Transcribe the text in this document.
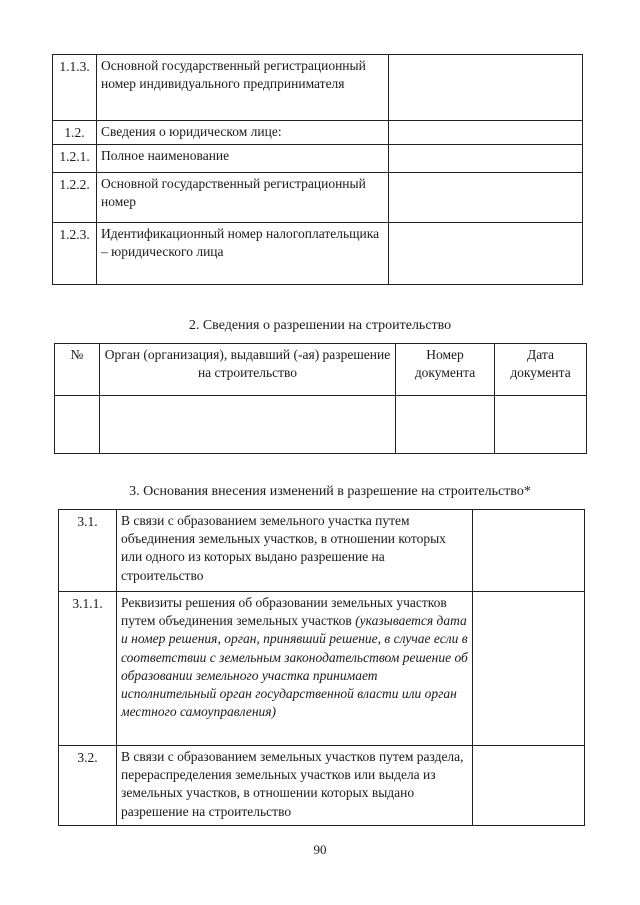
1.1.3.	Основной государственный регистрационный номер индивидуального предпринимателя	
1.2.	Сведения о юридическом лице:	
1.2.1.	Полное наименование	
1.2.2.	Основной государственный регистрационный номер	
1.2.3.	Идентификационный номер налогоплательщика – юридического лица	
2. Сведения о разрешении на строительство
№	Орган (организация), выдавший (-ая) разрешение на строительство	Номер документа	Дата документа

3. Основания внесения изменений в разрешение на строительство*
3.1.	В связи с образованием земельного участка путем объединения земельных участков, в отношении которых или одного из которых выдано разрешение на строительство	
3.1.1.	Реквизиты решения об образовании земельных участков путем объединения земельных участков (указывается дата и номер решения, орган, принявший решение, в случае если в соответствии с земельным законодательством решение об образовании земельного участка принимает исполнительный орган государственной власти или орган местного самоуправления)	
3.2.	В связи с образованием земельных участков путем раздела, перераспределения земельных участков или выдела из земельных участков, в отношении которых выдано разрешение на строительство	
90
